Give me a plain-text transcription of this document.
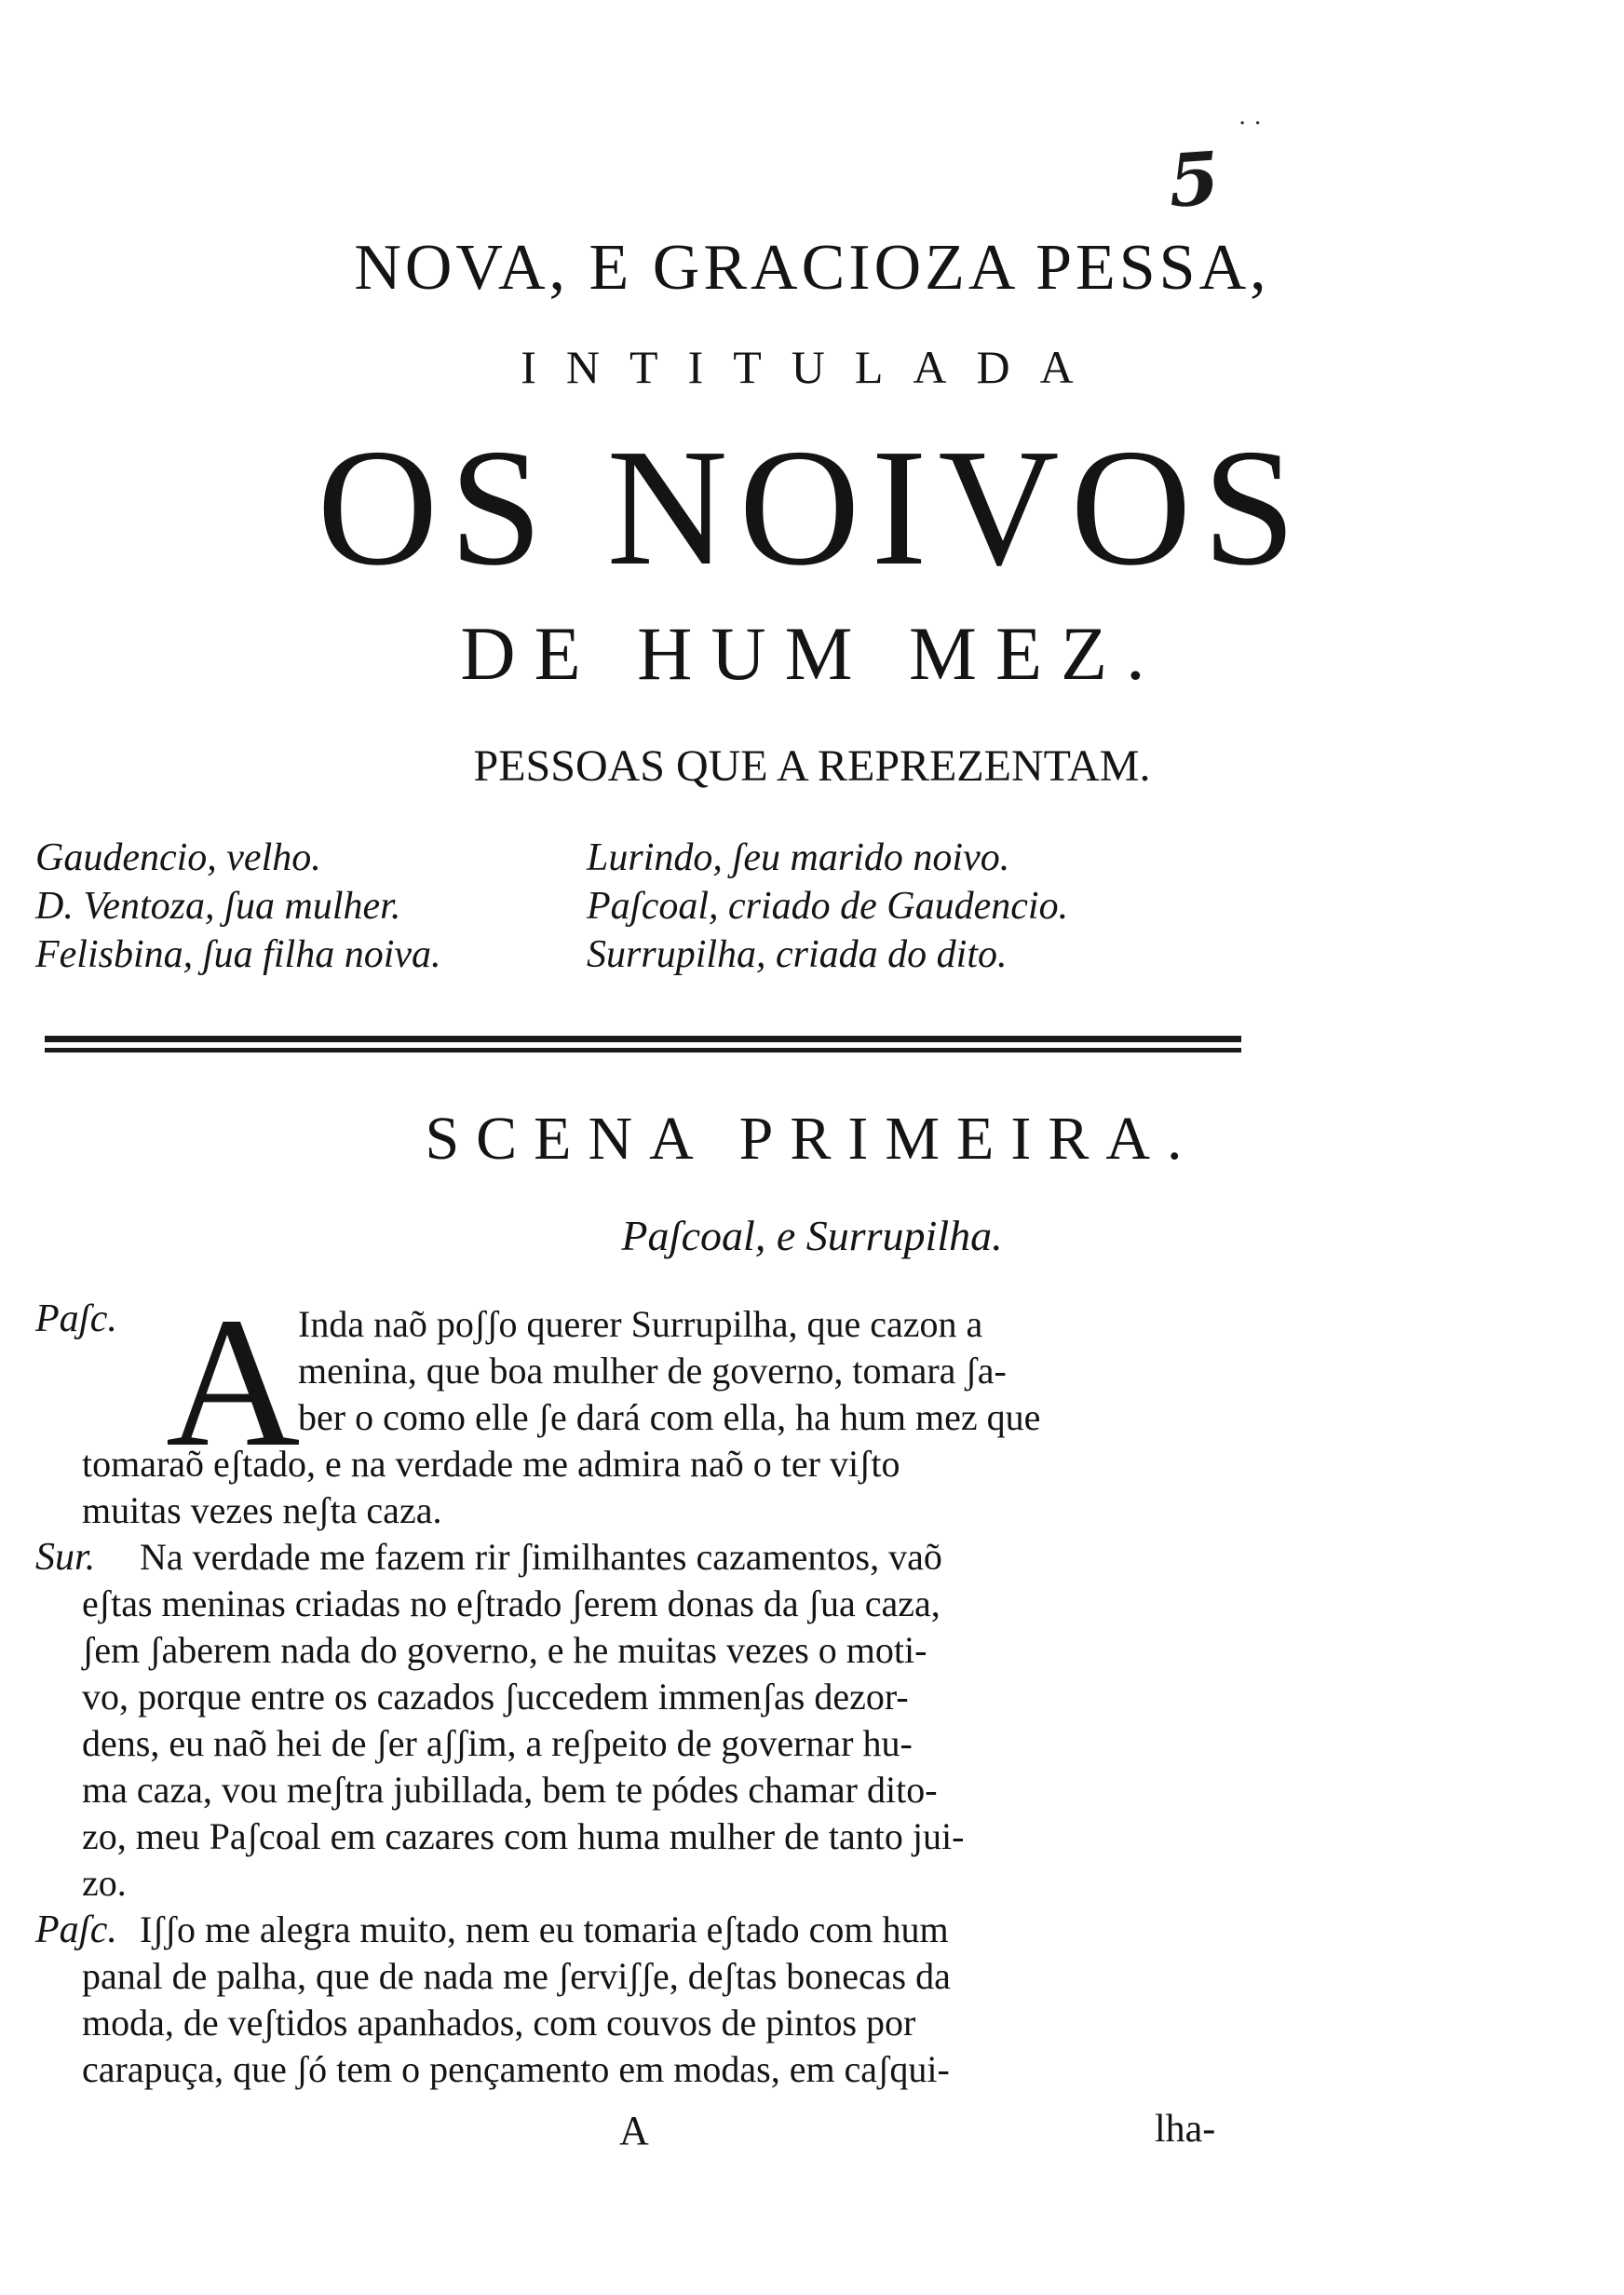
· ·
5
NOVA, E GRACIOZA PESSA,
INTITULADA
OS NOIVOS
DE HUM MEZ.
PESSOAS QUE A REPREZENTAM.
Gaudencio, velho.
D. Ventoza, ʃua mulher.
Felisbina, ʃua filha noiva.
Lurindo, ʃeu marido noivo.
Paʃcoal, criado de Gaudencio.
Surrupilha, criada do dito.
SCENA PRIMEIRA.
Paʃcoal, e Surrupilha.
Paʃc. A
Inda naõ poʃʃo querer Surrupilha, que cazon a
menina, que boa mulher de governo, tomara ʃa-
ber o como elle ʃe dará com ella, ha hum mez que
tomaraõ eʃtado, e na verdade me admira naõ o ter viʃto
muitas vezes neʃta caza.
Sur. Na verdade me fazem rir ʃimilhantes cazamentos, vaõ
eʃtas meninas criadas no eʃtrado ʃerem donas da ʃua caza,
ʃem ʃaberem nada do governo, e he muitas vezes o moti-
vo, porque entre os cazados ʃuccedem immenʃas dezor-
dens, eu naõ hei de ʃer aʃʃim, a reʃpeito de governar hu-
ma caza, vou meʃtra jubillada, bem te pódes chamar dito-
zo, meu Paʃcoal em cazares com huma mulher de tanto jui-
zo.
Paʃc. Iʃʃo me alegra muito, nem eu tomaria eʃtado com hum
panal de palha, que de nada me ʃerviʃʃe, deʃtas bonecas da
moda, de veʃtidos apanhados, com couvos de pintos por
carapuça, que ʃó tem o pençamento em modas, em caʃqui-
A	lha-
